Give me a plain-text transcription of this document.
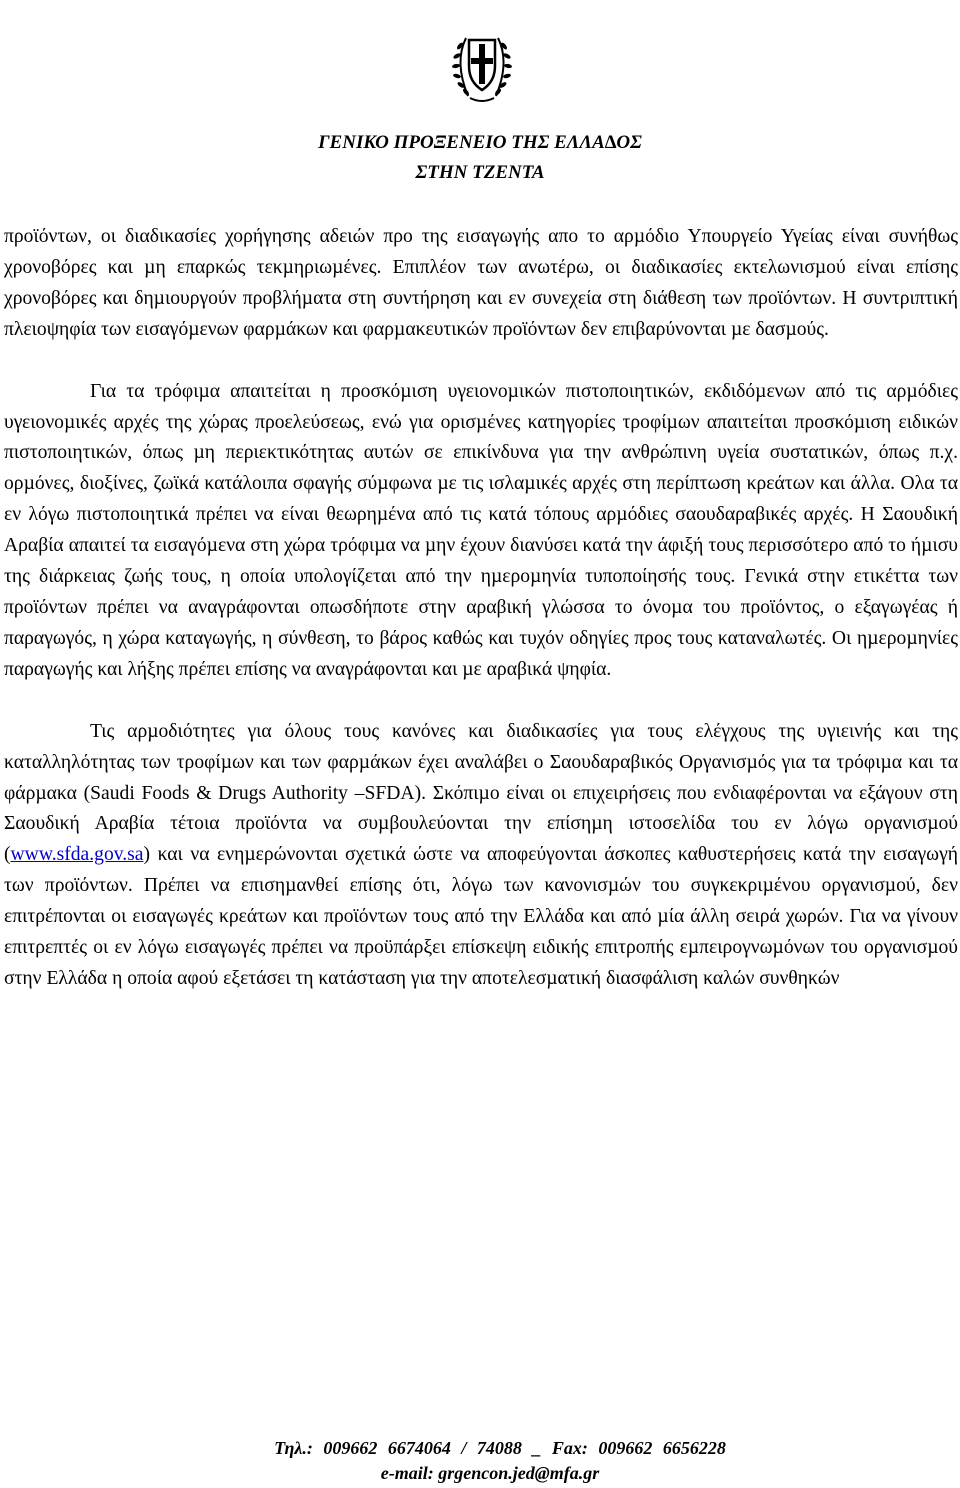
ΓΕΝΙΚΟ ΠΡΟΞΕΝΕΙΟ ΤΗΣ ΕΛΛΑ∆ΟΣ
ΣΤΗΝ ΤΖΕΝΤΑ

προϊόντων, οι διαδικασίες χορήγησης αδειών προ της εισαγωγής απο το αρµόδιο Υπουργείο Υγείας είναι συνήθως χρονοβόρες και µη επαρκώς τεκµηριωµένες. Επιπλέον των ανωτέρω, οι διαδικασίες εκτελωνισµού είναι επίσης χρονοβόρες και δηµιουργούν προβλήµατα στη συντήρηση και εν συνεχεία στη διάθεση των προϊόντων. Η συντριπτική πλειοψηφία των εισαγόµενων φαρµάκων και φαρµακευτικών προϊόντων δεν επιβαρύνονται µε δασµούς.

Για τα τρόφιµα απαιτείται η προσκόµιση υγειονοµικών πιστοποιητικών, εκδιδόµενων από τις αρµόδιες υγειονοµικές αρχές της χώρας προελεύσεως, ενώ για ορισµένες κατηγορίες τροφίµων απαιτείται προσκόµιση ειδικών πιστοποιητικών, όπως µη περιεκτικότητας αυτών σε επικίνδυνα για την ανθρώπινη υγεία συστατικών, όπως π.χ. ορµόνες, διοξίνες, ζωϊκά κατάλοιπα σφαγής σύµφωνα µε τις ισλαµικές αρχές στη περίπτωση κρεάτων και άλλα. Ολα τα εν λόγω πιστοποιητικά πρέπει να είναι θεωρηµένα από τις κατά τόπους αρµόδιες σαουδαραβικές αρχές. Η Σαουδική Αραβία απαιτεί τα εισαγόµενα στη χώρα τρόφιµα να µην έχουν διανύσει κατά την άφιξή τους περισσότερο από το ήµισυ της διάρκειας ζωής τους, η οποία υπολογίζεται από την ηµεροµηνία τυποποίησής τους. Γενικά στην ετικέττα των προϊόντων πρέπει να αναγράφονται οπωσδήποτε στην αραβική γλώσσα το όνοµα του προϊόντος, ο εξαγωγέας ή παραγωγός, η χώρα καταγωγής, η σύνθεση, το βάρος καθώς και τυχόν οδηγίες προς τους καταναλωτές. Οι ηµεροµηνίες παραγωγής και λήξης πρέπει επίσης να αναγράφονται και µε αραβικά ψηφία.

Τις αρµοδιότητες για όλους τους κανόνες και διαδικασίες για τους ελέγχους της υγιεινής και της καταλληλότητας των τροφίµων και των φαρµάκων έχει αναλάβει ο Σαουδαραβικός Οργανισµός για τα τρόφιµα και τα φάρµακα (Saudi Foods & Drugs Authority –SFDA). Σκόπιµο είναι οι επιχειρήσεις που ενδιαφέρονται να εξάγουν στη Σαουδική Αραβία τέτοια προϊόντα να συµβουλεύονται την επίσηµη ιστοσελίδα του εν λόγω οργανισµού (www.sfda.gov.sa) και να ενηµερώνονται σχετικά ώστε να αποφεύγονται άσκοπες καθυστερήσεις κατά την εισαγωγή των προϊόντων. Πρέπει να επισηµανθεί επίσης ότι, λόγω των κανονισµών του συγκεκριµένου οργανισµού, δεν επιτρέπονται οι εισαγωγές κρεάτων και προϊόντων τους από την Ελλάδα και από µία άλλη σειρά χωρών. Για να γίνουν επιτρεπτές οι εν λόγω εισαγωγές πρέπει να προϋπάρξει επίσκεψη ειδικής επιτροπής εµπειρογνωµόνων του οργανισµού στην Ελλάδα η οποία αφού εξετάσει τη κατάσταση για την αποτελεσµατική διασφάλιση καλών συνθηκών

Τηλ.: 009662 6674064 / 74088 _ Fax: 009662 6656228
e-mail: grgencon.jed@mfa.gr
